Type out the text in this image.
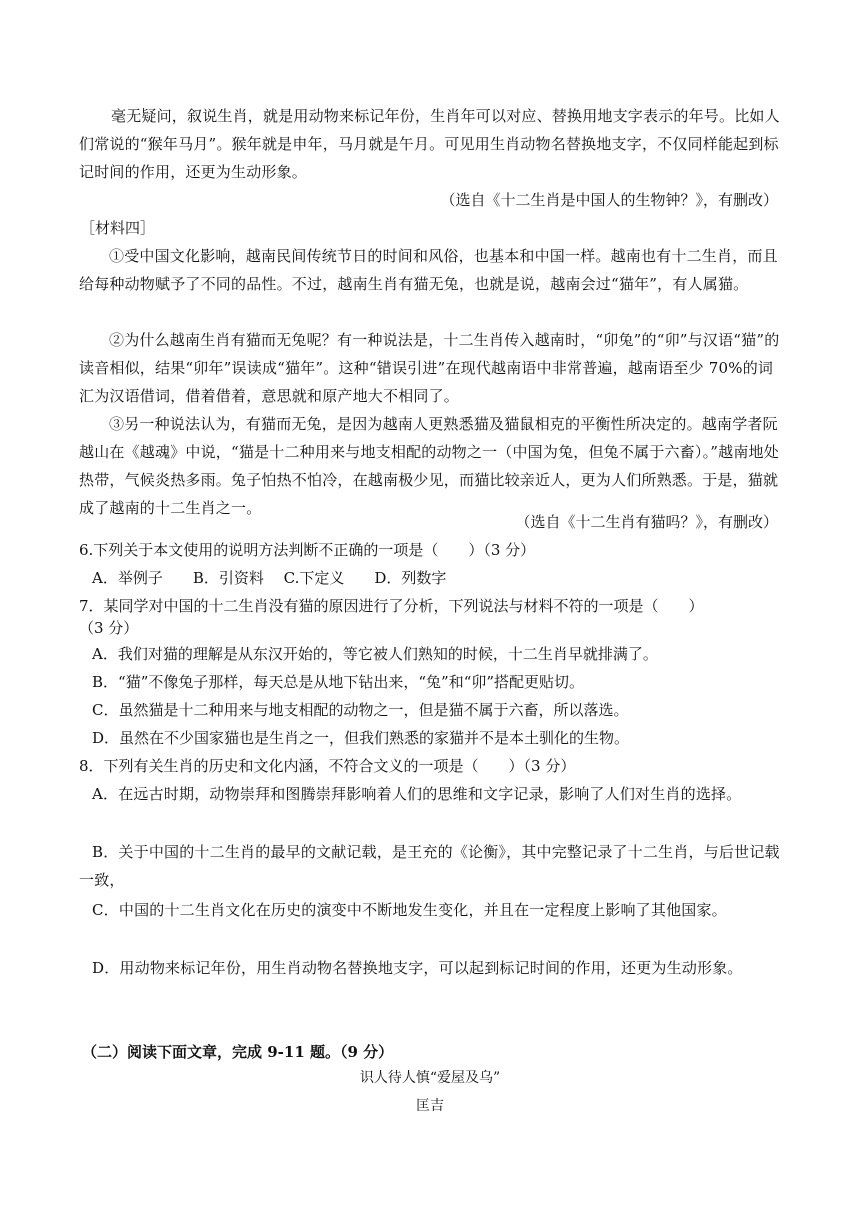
毫无疑问，叙说生肖，就是用动物来标记年份，生肖年可以对应、替换用地支字表示的年号。比如人们常说的“猴年马月”。猴年就是申年，马月就是午月。可见用生肖动物名替换地支字，不仅同样能起到标记时间的作用，还更为生动形象。

（选自《十二生肖是中国人的生物钟？》，有删改）

［材料四］

①受中国文化影响，越南民间传统节日的时间和风俗，也基本和中国一样。越南也有十二生肖，而且给每种动物赋予了不同的品性。不过，越南生肖有猫无兔，也就是说，越南会过“猫年”，有人属猫。

②为什么越南生肖有猫而无兔呢？有一种说法是，十二生肖传入越南时，“卯兔”的“卯”与汉语“猫”的读音相似，结果“卯年”误读成“猫年”。这种“错误引进”在现代越南语中非常普遍，越南语至少 70%的词汇为汉语借词，借着借着，意思就和原产地大不相同了。

③另一种说法认为，有猫而无兔，是因为越南人更熟悉猫及猫鼠相克的平衡性所决定的。越南学者阮越山在《越魂》中说，“猫是十二种用来与地支相配的动物之一（中国为兔，但兔不属于六畜）。”越南地处热带，气候炎热多雨。兔子怕热不怕冷，在越南极少见，而猫比较亲近人，更为人们所熟悉。于是，猫就成了越南的十二生肖之一。

（选自《十二生肖有猫吗？》，有删改）

6.下列关于本文使用的说明方法判断不正确的一项是（　　）（3 分）

A．举例子　　B．引资料　 C.下定义　　D．列数字

7．某同学对中国的十二生肖没有猫的原因进行了分析，下列说法与材料不符的一项是（　　）

（3 分）

A．我们对猫的理解是从东汉开始的，等它被人们熟知的时候，十二生肖早就排满了。

B．“猫”不像兔子那样，每天总是从地下钻出来，“兔”和“卯”搭配更贴切。

C．虽然猫是十二种用来与地支相配的动物之一，但是猫不属于六畜，所以落选。

D．虽然在不少国家猫也是生肖之一，但我们熟悉的家猫并不是本土驯化的生物。

8．下列有关生肖的历史和文化内涵，不符合文义的一项是（　　）（3 分）

A．在远古时期，动物崇拜和图腾崇拜影响着人们的思维和文字记录，影响了人们对生肖的选择。

B．关于中国的十二生肖的最早的文献记载，是王充的《论衡》，其中完整记录了十二生肖，与后世记载一致，

C．中国的十二生肖文化在历史的演变中不断地发生变化，并且在一定程度上影响了其他国家。

D．用动物来标记年份，用生肖动物名替换地支字，可以起到标记时间的作用，还更为生动形象。

（二）阅读下面文章，完成 9-11 题。（9 分）

识人待人慎“爱屋及乌”

匡吉
